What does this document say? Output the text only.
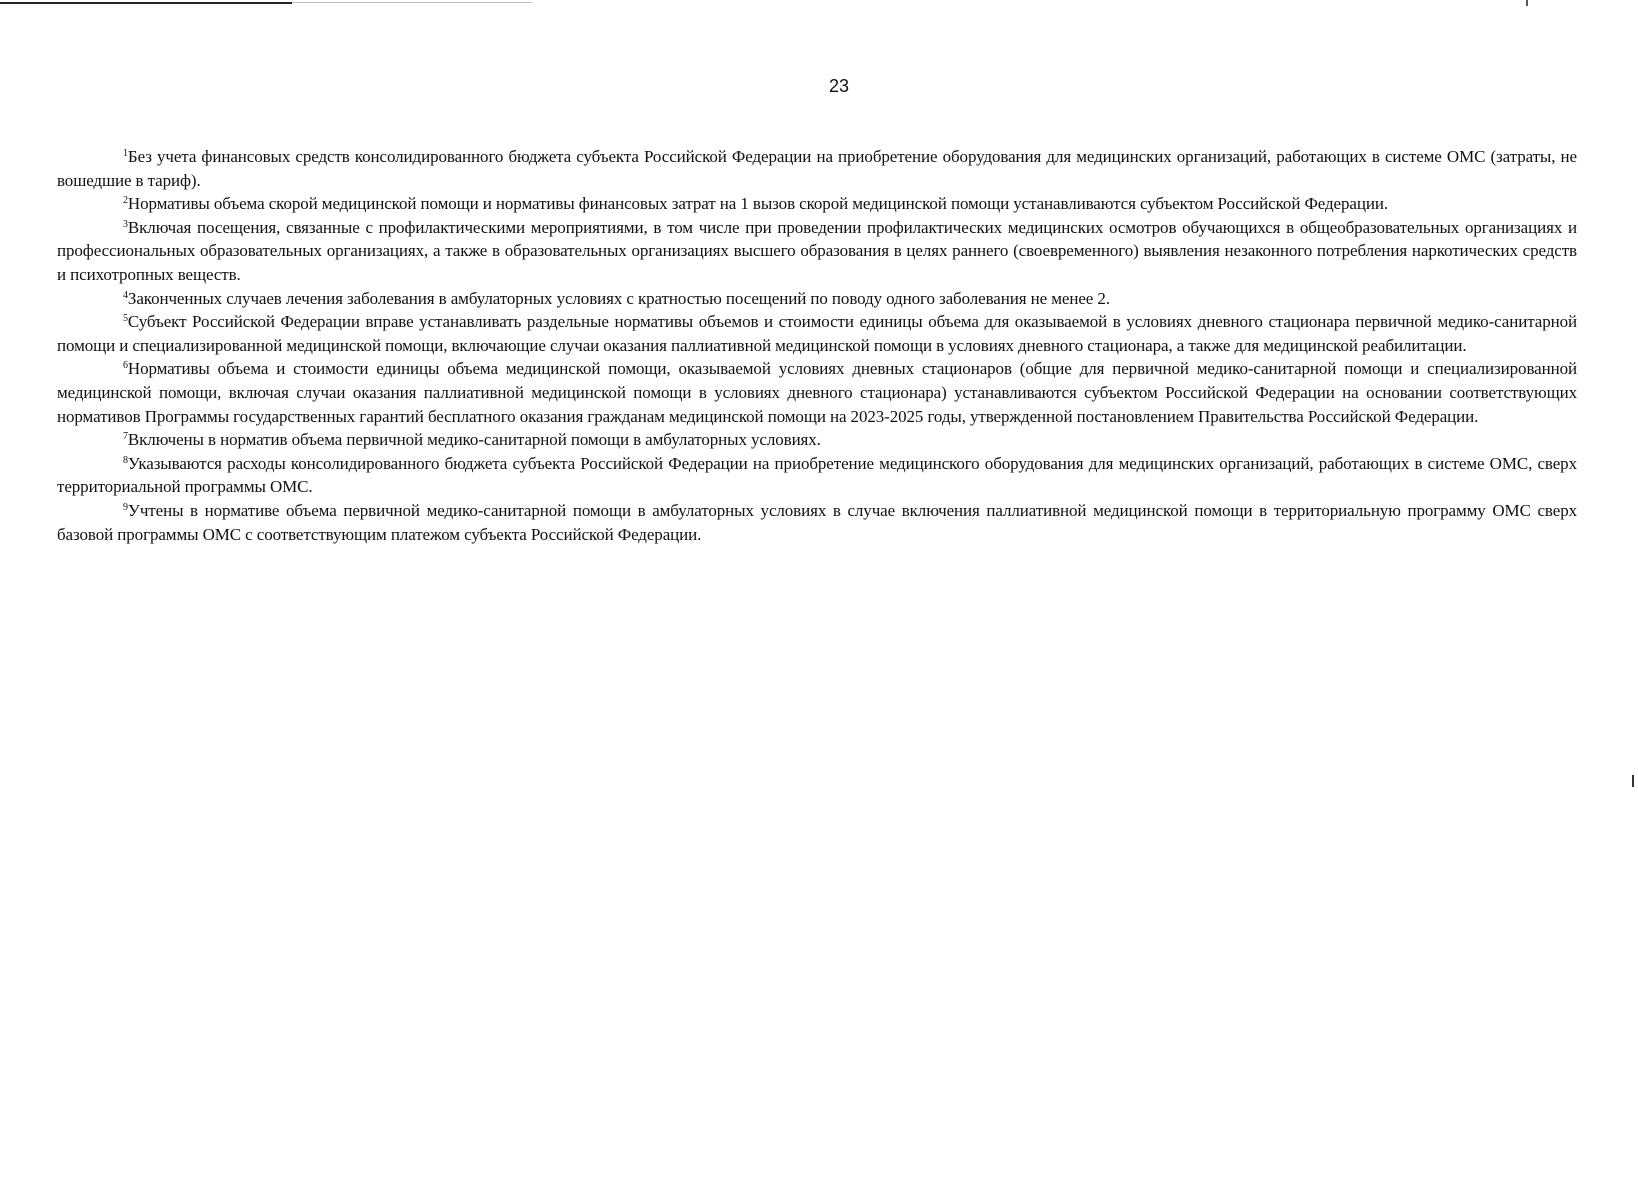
23

$^1$Без учета финансовых средств консолидированного бюджета субъекта Российской Федерации на приобретение оборудования для медицинских организаций, работающих в системе ОМС (затраты, не вошедшие в тариф).

$^2$Нормативы объема скорой медицинской помощи и нормативы финансовых затрат на 1 вызов скорой медицинской помощи устанавливаются субъектом Российской Федерации.

$^3$Включая посещения, связанные с профилактическими мероприятиями, в том числе при проведении профилактических медицинских осмотров обучающихся в общеобразовательных организациях и профессиональных образовательных организациях, а также в образовательных организациях высшего образования в целях раннего (своевременного) выявления незаконного потребления наркотических средств и психотропных веществ.

$^4$Законченных случаев лечения заболевания в амбулаторных условиях с кратностью посещений по поводу одного заболевания не менее 2.

$^5$Субъект Российской Федерации вправе устанавливать раздельные нормативы объемов и стоимости единицы объема для оказываемой в условиях дневного стационара первичной медико-санитарной помощи и специализированной медицинской помощи, включающие случаи оказания паллиативной медицинской помощи в условиях дневного стационара, а также для медицинской реабилитации.

$^6$Нормативы объема и стоимости единицы объема медицинской помощи, оказываемой условиях дневных стационаров (общие для первичной медико-санитарной помощи и специализированной медицинской помощи, включая случаи оказания паллиативной медицинской помощи в условиях дневного стационара) устанавливаются субъектом Российской Федерации на основании соответствующих нормативов Программы государственных гарантий бесплатного оказания гражданам медицинской помощи на 2023-2025 годы, утвержденной постановлением Правительства Российской Федерации.

$^7$Включены в норматив объема первичной медико-санитарной помощи в амбулаторных условиях.

$^8$Указываются расходы консолидированного бюджета субъекта Российской Федерации на приобретение медицинского оборудования для медицинских организаций, работающих в системе ОМС, сверх территориальной программы ОМС.

$^9$Учтены в нормативе объема первичной медико-санитарной помощи в амбулаторных условиях в случае включения паллиативной медицинской помощи в территориальную программу ОМС сверх базовой программы ОМС с соответствующим платежом субъекта Российской Федерации.
